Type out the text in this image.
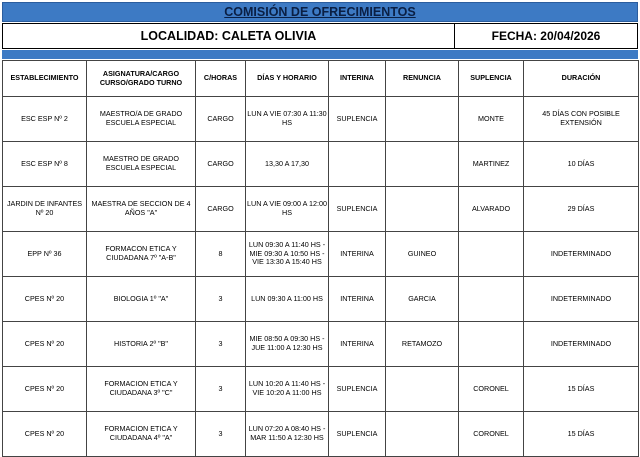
COMISIÓN DE OFRECIMIENTOS
LOCALIDAD: CALETA OLIVIA	FECHA: 20/04/2026
ESTABLECIMIENTO	ASIGNATURA/CARGO CURSO/GRADO TURNO	C/HORAS	DÍAS Y HORARIO	INTERINA	RENUNCIA	SUPLENCIA	DURACIÓN
ESC ESP Nº 2	MAESTRO/A DE GRADO ESCUELA ESPECIAL	CARGO	LUN A VIE 07:30 A 11:30 HS	SUPLENCIA		MONTE	45 DÍAS CON POSIBLE EXTENSIÓN
ESC ESP Nº 8	MAESTRO DE GRADO ESCUELA ESPECIAL	CARGO	13,30 A 17,30			MARTINEZ	10 DÍAS
JARDIN DE INFANTES Nº 20	MAESTRA DE SECCION DE 4 AÑOS "A"	CARGO	LUN A VIE 09:00 A 12:00 HS	SUPLENCIA		ALVARADO	29 DÍAS
EPP Nº 36	FORMACON ETICA Y CIUDADANA 7º "A-B"	8	LUN 09:30 A 11:40 HS - MIE 09:30 A 10:50 HS - VIE 13:30 A 15:40 HS	INTERINA	GUINEO		INDETERMINADO
CPES Nº 20	BIOLOGIA 1º "A"	3	LUN 09:30 A 11:00 HS	INTERINA	GARCIA		INDETERMINADO
CPES Nº 20	HISTORIA 2º "B"	3	MIE 08:50 A 09:30 HS - JUE 11:00 A 12:30 HS	INTERINA	RETAMOZO		INDETERMINADO
CPES Nº 20	FORMACION ETICA Y CIUDADANA 3º "C"	3	LUN 10:20 A 11:40 HS - VIE 10:20 A 11:00 HS	SUPLENCIA		CORONEL	15 DÍAS
CPES Nº 20	FORMACION ETICA Y CIUDADANA 4º "A"	3	LUN 07:20 A 08:40 HS - MAR 11:50 A 12:30 HS	SUPLENCIA		CORONEL	15 DÍAS
